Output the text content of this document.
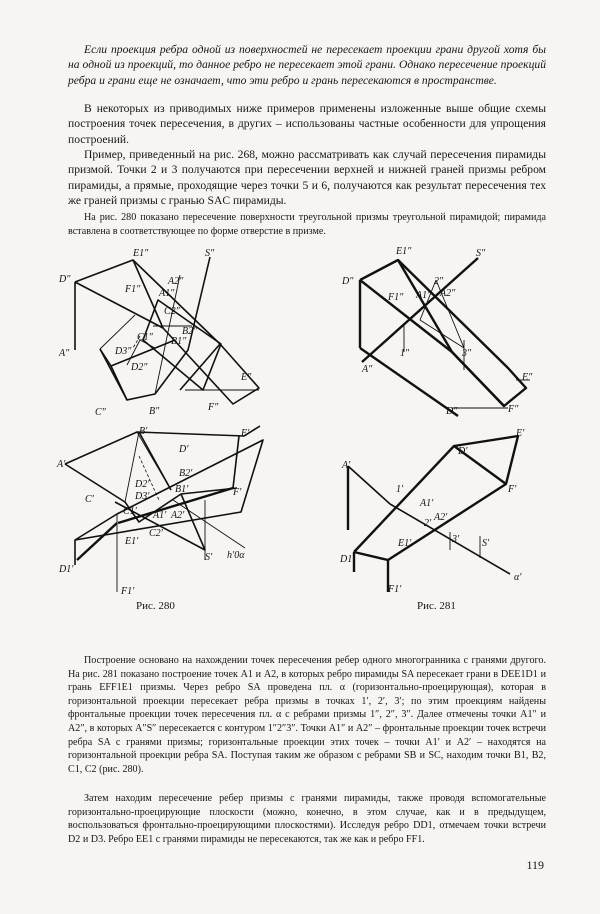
Если проекция ребра одной из поверхностей не пересекает проекции грани другой хотя бы на одной из проекций, то данное ребро не пересекает этой грани. Однако пересечение проекций ребра и грани еще не означает, что эти ребро и грань пересекаются в пространстве.
В некоторых из приводимых ниже примеров применены изложенные выше общие схемы построения точек пересечения, в других – использованы частные особенности для упрощения построений.
Пример, приведенный на рис. 268, можно рассматривать как случай пересечения пирамиды призмой. Точки 2 и 3 получаются при пересечении верхней и нижней граней призмы ребром пирамиды, а прямые, проходящие через точки 5 и 6, получаются как результат пересечения тех же граней призмы с гранью SAC пирамиды.
На рис. 280 показано пересечение поверхности треугольной призмы треугольной пирамидой; пирамида вставлена в соответствующее по форме отверстие в призме.
E1″
A2″
S″
D″
F1″ A1″
C2″
B2″
C1″ B1″
E″
F″
A″	D3″
D2″
C″	B″
B′	E′
D′
A′
F′
D2′
D3′
C′
B2′
B1′
C1′
C2′
A1′ A2′
E1′
S′ h′0α
D1′
F1′
E1″	S″
D″
F1″ A1″
2″
A2″
1″	3″
A″
E″
D″	F″
E′
D′
A′
F′
1′
A1′
A2′
2′
3′ S′
E1′
D1′
F1′
α′
Рис. 280	Рис. 281
Построение основано на нахождении точек пересечения ребер одного многогранника с гранями другого. На рис. 281 показано построение точек A1 и A2, в которых ребро пирамиды SA пересекает грани в DEE1D1 и грань EFF1E1 призмы. Через ребро SA проведена пл. α (горизонтально-проецирующая), которая в горизонтальной проекции пересекает ребра призмы в точках 1′, 2′, 3′; по этим проекциям найдены фронтальные проекции точек пересечения пл. α с ребрами призмы 1″, 2″, 3″. Далее отмечены точки A1″ и A2″, в которых A″S″ пересекается с контуром 1″2″3″. Точки A1″ и A2″ – фронтальные проекции точек встречи ребра SA с гранями призмы; горизонтальные проекции этих точек – точки A1′ и A2′ – находятся на горизонтальной проекции ребра SA. Поступая таким же образом с ребрами SB и SC, находим точки B1, B2, C1, C2 (рис. 280).
Затем находим пересечение ребер призмы с гранями пирамиды, также проводя вспомогательные горизонтально-проецирующие плоскости (можно, конечно, в этом случае, как и в предыдущем, воспользоваться фронтально-проецирующими плоскостями). Исследуя ребро DD1, отмечаем точки встречи D2 и D3. Ребро EE1 с гранями пирамиды не пересекаются, так же как и ребро FF1.
119
